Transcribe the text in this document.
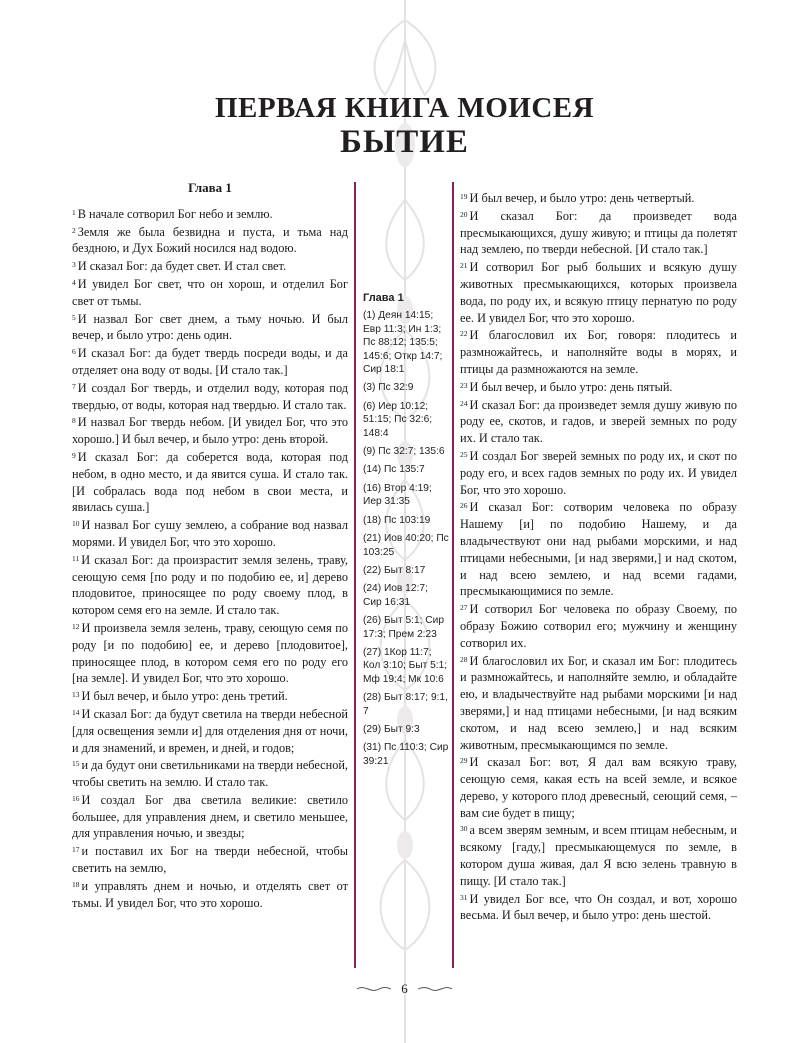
ПЕРВАЯ КНИГА МОИСЕЯ
БЫТИЕ
Глава 1
$^1$ В начале сотворил Бог небо и землю.
$^2$ Земля же была безвидна и пуста, и тьма над бездною, и Дух Божий носился над водою.
$^3$ И сказал Бог: да будет свет. И стал свет.
$^4$ И увидел Бог свет, что он хорош, и отделил Бог свет от тьмы.
$^5$ И назвал Бог свет днем, а тьму ночью. И был вечер, и было утро: день один.
$^6$ И сказал Бог: да будет твердь посреди воды, и да отделяет она воду от воды. [И стало так.]
$^7$ И создал Бог твердь, и отделил воду, которая под твердью, от воды, которая над твердью. И стало так.
$^8$ И назвал Бог твердь небом. [И увидел Бог, что это хорошо.] И был вечер, и было утро: день второй.
$^9$ И сказал Бог: да соберется вода, которая под небом, в одно место, и да явится суша. И стало так. [И собралась вода под небом в свои места, и явилась суша.]
$^{10}$ И назвал Бог сушу землею, а собрание вод назвал морями. И увидел Бог, что это хорошо.
$^{11}$ И сказал Бог: да произрастит земля зелень, траву, сеющую семя [по роду и по подобию ее, и] дерево плодовитое, приносящее по роду своему плод, в котором семя его на земле. И стало так.
$^{12}$ И произвела земля зелень, траву, сеющую семя по роду [и по подобию] ее, и дерево [плодовитое], приносящее плод, в котором семя его по роду его [на земле]. И увидел Бог, что это хорошо.
$^{13}$ И был вечер, и было утро: день третий.
$^{14}$ И сказал Бог: да будут светила на тверди небесной [для освещения земли и] для отделения дня от ночи, и для знамений, и времен, и дней, и годов;
$^{15}$ и да будут они светильниками на тверди небесной, чтобы светить на землю. И стало так.
$^{16}$ И создал Бог два светила великие: светило большее, для управления днем, и светило меньшее, для управления ночью, и звезды;
$^{17}$ и поставил их Бог на тверди небесной, чтобы светить на землю,
$^{18}$ и управлять днем и ночью, и отделять свет от тьмы. И увидел Бог, что это хорошо.
Глава 1
(1) Деян 14:15; Евр 11:3; Ин 1:3; Пс 88:12; 135:5; 145:6; Откр 14:7; Сир 18:1
(3) Пс 32:9
(6) Иер 10:12; 51:15; Пс 32:6; 148:4
(9) Пс 32:7; 135:6
(14) Пс 135:7
(16) Втор 4:19; Иер 31:35
(18) Пс 103:19
(21) Иов 40:20; Пс 103:25
(22) Быт 8:17
(24) Иов 12:7; Сир 16:31
(26) Быт 5:1; Сир 17:3; Прем 2:23
(27) 1Кор 11:7; Кол 3:10; Быт 5:1; Мф 19:4; Мк 10:6
(28) Быт 8:17; 9:1, 7
(29) Быт 9:3
(31) Пс 110:3; Сир 39:21
$^{19}$ И был вечер, и было утро: день четвертый.
$^{20}$ И сказал Бог: да произведет вода пресмыкающихся, душу живую; и птицы да полетят над землею, по тверди небесной. [И стало так.]
$^{21}$ И сотворил Бог рыб больших и всякую душу животных пресмыкающихся, которых произвела вода, по роду их, и всякую птицу пернатую по роду ее. И увидел Бог, что это хорошо.
$^{22}$ И благословил их Бог, говоря: плодитесь и размножайтесь, и наполняйте воды в морях, и птицы да размножаются на земле.
$^{23}$ И был вечер, и было утро: день пятый.
$^{24}$ И сказал Бог: да произведет земля душу живую по роду ее, скотов, и гадов, и зверей земных по роду их. И стало так.
$^{25}$ И создал Бог зверей земных по роду их, и скот по роду его, и всех гадов земных по роду их. И увидел Бог, что это хорошо.
$^{26}$ И сказал Бог: сотворим человека по образу Нашему [и] по подобию Нашему, и да владычествуют они над рыбами морскими, и над птицами небесными, [и над зверями,] и над скотом, и над всею землею, и над всеми гадами, пресмыкающимися по земле.
$^{27}$ И сотворил Бог человека по образу Своему, по образу Божию сотворил его; мужчину и женщину сотворил их.
$^{28}$ И благословил их Бог, и сказал им Бог: плодитесь и размножайтесь, и наполняйте землю, и обладайте ею, и владычествуйте над рыбами морскими [и над зверями,] и над птицами небесными, [и над всяким скотом, и над всею землею,] и над всяким животным, пресмыкающимся по земле.
$^{29}$ И сказал Бог: вот, Я дал вам всякую траву, сеющую семя, какая есть на всей земле, и всякое дерево, у которого плод древесный, сеющий семя, – вам сие будет в пищу;
$^{30}$ а всем зверям земным, и всем птицам небесным, и всякому [гаду,] пресмыкающемуся по земле, в котором душа живая, дал Я всю зелень травную в пищу. [И стало так.]
$^{31}$ И увидел Бог все, что Он создал, и вот, хорошо весьма. И был вечер, и было утро: день шестой.
6
